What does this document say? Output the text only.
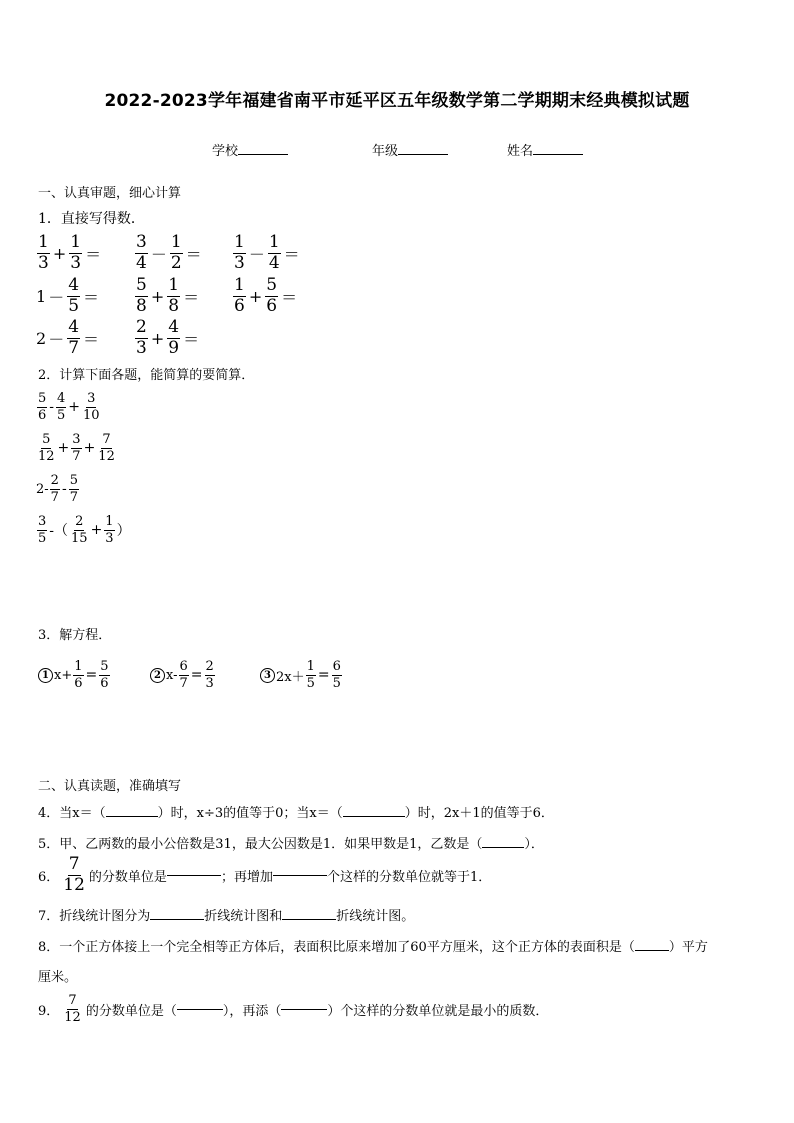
2022-2023学年福建省南平市延平区五年级数学第二学期期末经典模拟试题
学校	年级	姓名
一、认真审题，细心计算
1．直接写得数．
$\frac{1}{3} + \frac{1}{3} = \frac{3}{4} - \frac{1}{2} = \frac{1}{3} - \frac{1}{4}$ ＝
$1 - \frac{4}{5} = \frac{5}{8} + \frac{1}{8} = \frac{1}{6} + \frac{5}{6}$ ＝
$2 - \frac{4}{7} = \frac{2}{3} + \frac{4}{9}$ ＝
2．计算下面各题，能简算的要简算．
$\frac{5}{6} - \frac{4}{5} + \frac{3}{10}$
$\frac{5}{12} + \frac{3}{7} + \frac{7}{12}$
$2- \frac{2}{7} - \frac{5}{7}$
$\frac{3}{5}$ -（ $\frac{2}{15} + \frac{1}{3}$ ）
3．解方程．
1 $x+ \frac{1}{6} = \frac{5}{6}$	2 $x- \frac{6}{7} = \frac{2}{3}$	3 $2x+ \frac{1}{5} = \frac{6}{5}$
二、认真读题，准确填写
4．当x＝（	）时，x÷3的值等于0；当x＝（	）时，2x＋1的值等于6．
5．甲、乙两数的最小公倍数是31，最大公因数是1．如果甲数是1，乙数是（	）．
6． $\frac{7}{12}$ 的分数单位是	；再增加	个这样的分数单位就等于1．
7．折线统计图分为	折线统计图和	折线统计图。
8．一个正方体接上一个完全相等正方体后，表面积比原来增加了60平方厘米，这个正方体的表面积是（	）平方
厘米。
9． $\frac{7}{12}$ 的分数单位是（	），再添（	）个这样的分数单位就是最小的质数．
